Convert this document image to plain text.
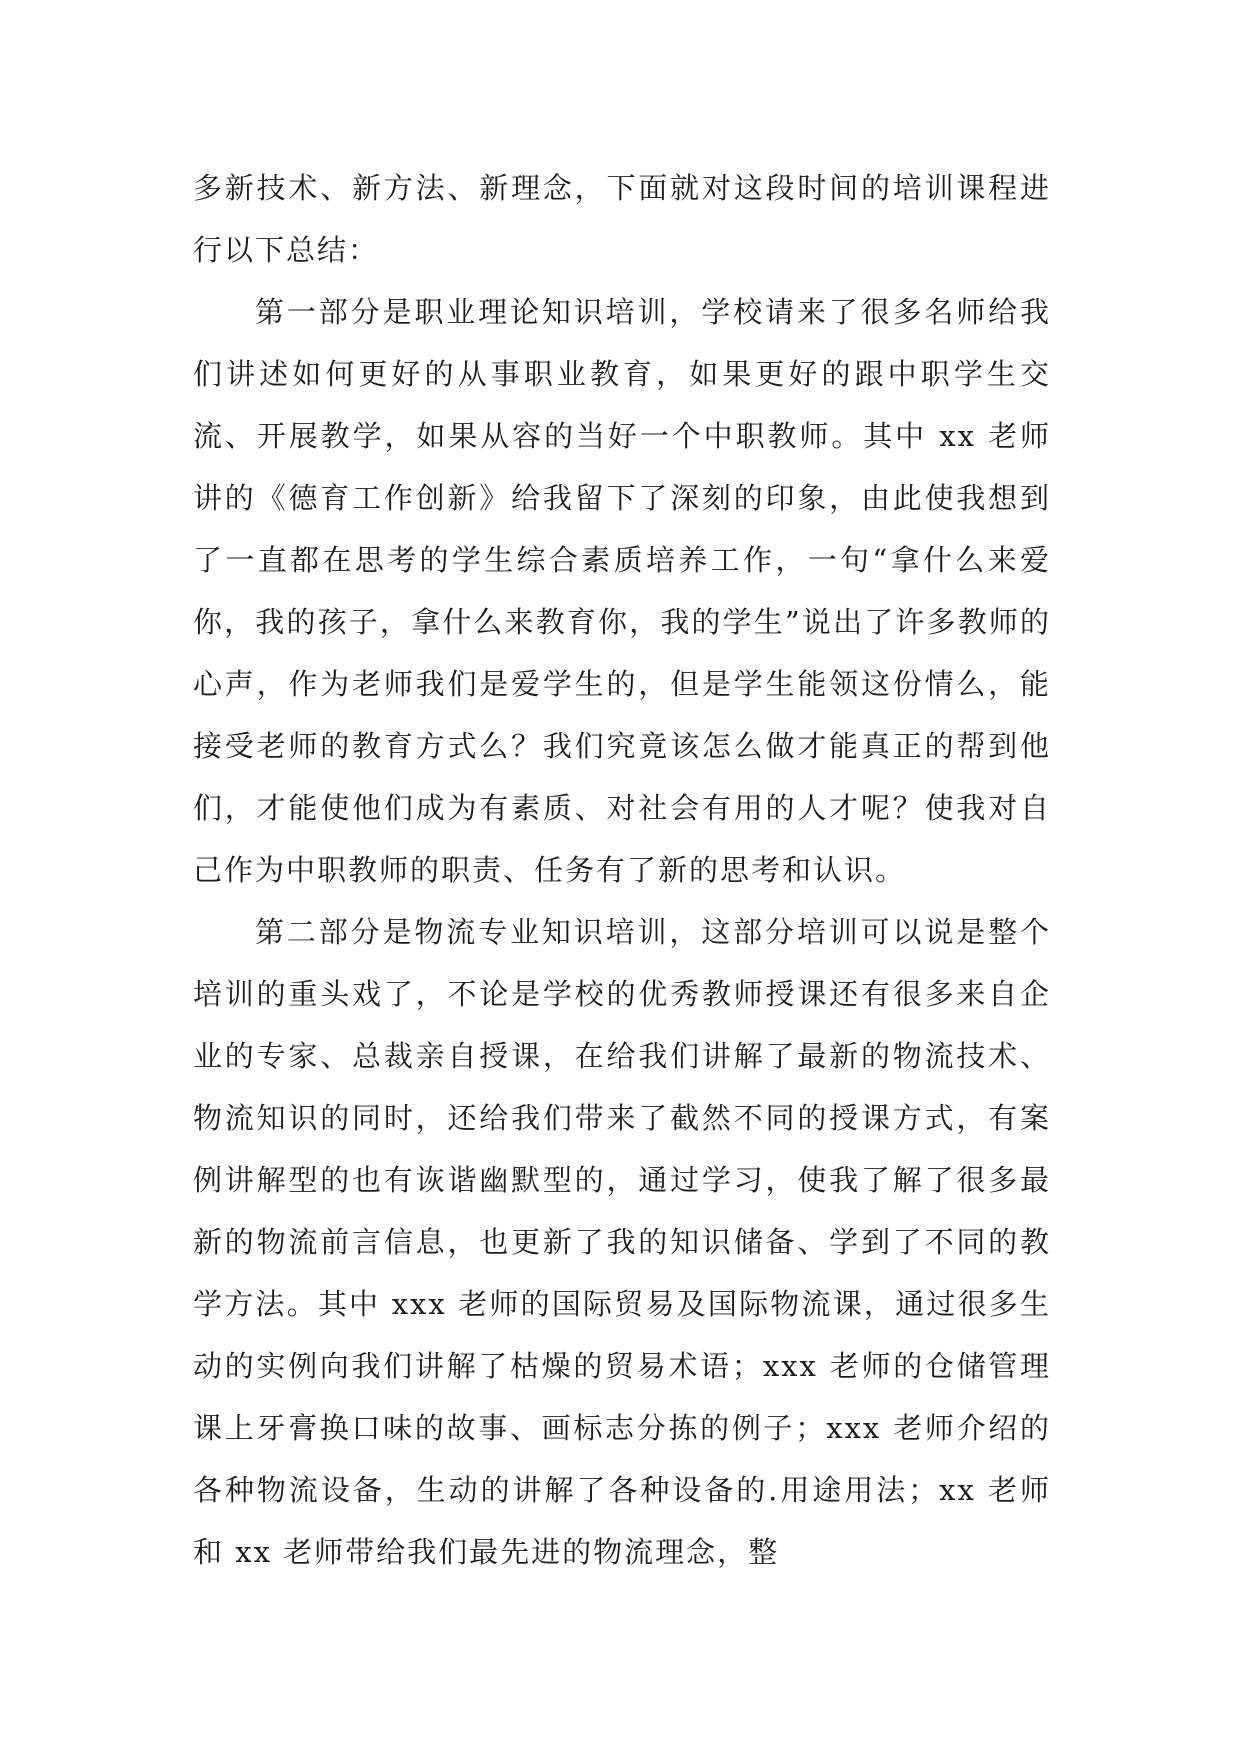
多新技术、新方法、新理念，下面就对这段时间的培训课程进行以下总结：

第一部分是职业理论知识培训，学校请来了很多名师给我们讲述如何更好的从事职业教育，如果更好的跟中职学生交流、开展教学，如果从容的当好一个中职教师。其中 xx 老师讲的《德育工作创新》给我留下了深刻的印象，由此使我想到了一直都在思考的学生综合素质培养工作，一句“拿什么来爱你，我的孩子，拿什么来教育你，我的学生”说出了许多教师的心声，作为老师我们是爱学生的，但是学生能领这份情么，能接受老师的教育方式么？我们究竟该怎么做才能真正的帮到他们，才能使他们成为有素质、对社会有用的人才呢？使我对自己作为中职教师的职责、任务有了新的思考和认识。

第二部分是物流专业知识培训，这部分培训可以说是整个培训的重头戏了，不论是学校的优秀教师授课还有很多来自企业的专家、总裁亲自授课，在给我们讲解了最新的物流技术、物流知识的同时，还给我们带来了截然不同的授课方式，有案例讲解型的也有诙谐幽默型的，通过学习，使我了解了很多最新的物流前言信息，也更新了我的知识储备、学到了不同的教学方法。其中 xxx 老师的国际贸易及国际物流课，通过很多生动的实例向我们讲解了枯燥的贸易术语；xxx 老师的仓储管理课上牙膏换口味的故事、画标志分拣的例子；xxx 老师介绍的各种物流设备，生动的讲解了各种设备的.用途用法；xx 老师和 xx 老师带给我们最先进的物流理念，整
